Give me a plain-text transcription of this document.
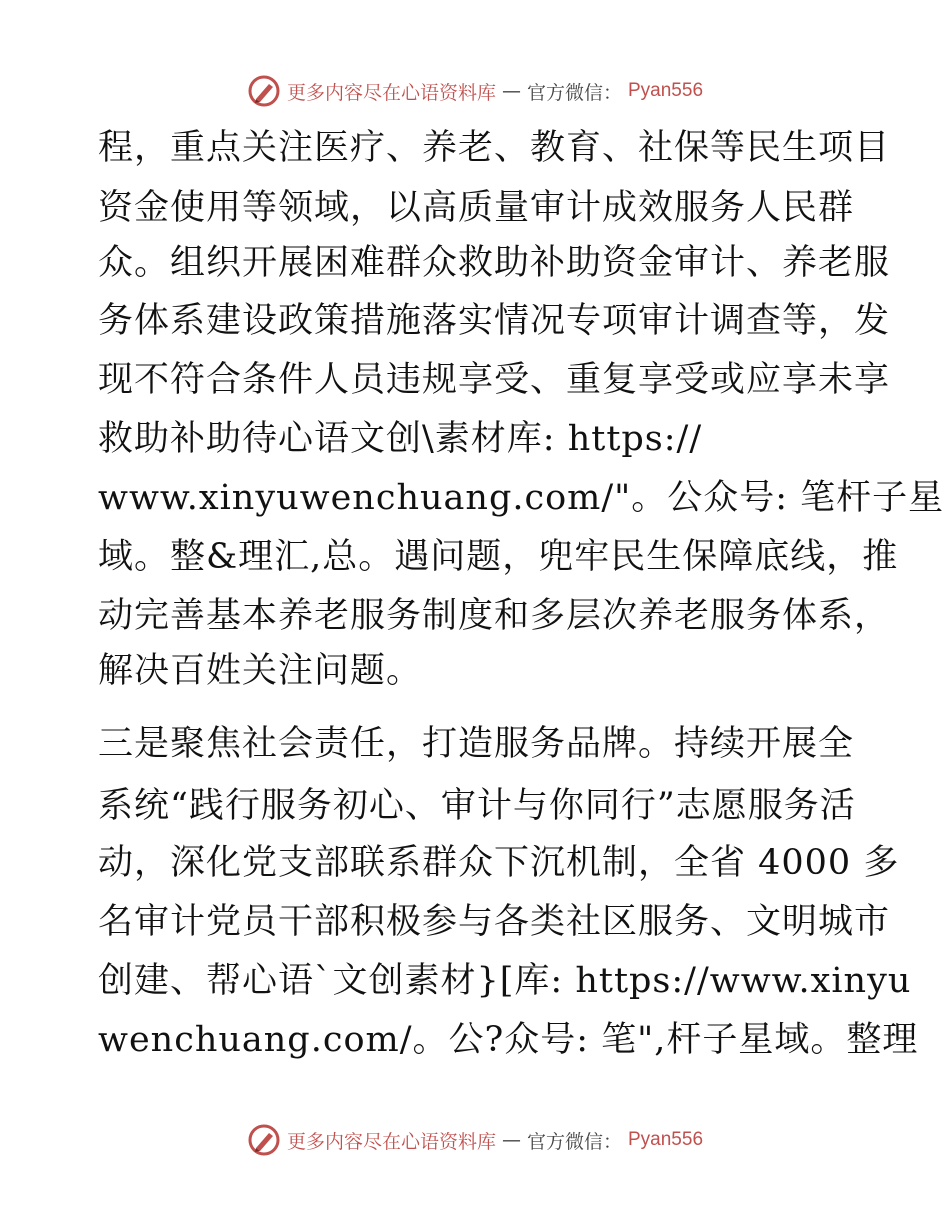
更多内容尽在心语资料库 — 官方微信： Pyan556
程，重点关注医疗、养老、教育、社保等民生项目
资金使用等领域，以高质量审计成效服务人民群
众。组织开展困难群众救助补助资金审计、养老服
务体系建设政策措施落实情况专项审计调查等，发
现不符合条件人员违规享受、重复享受或应享未享
救助补助待心语文创\素材库: https://
www.xinyuwenchuang.com/"。公众号: 笔杆子星
域。整&理汇,总。遇问题，兜牢民生保障底线，推
动完善基本养老服务制度和多层次养老服务体系，
解决百姓关注问题。
三是聚焦社会责任，打造服务品牌。持续开展全
系统“践行服务初心、审计与你同行”志愿服务活
动，深化党支部联系群众下沉机制，全省 4000 多
名审计党员干部积极参与各类社区服务、文明城市
创建、帮心语`文创素材}[库: https://www.xinyu
wenchuang.com/。公?众号: 笔",杆子星域。整理
更多内容尽在心语资料库 — 官方微信： Pyan556
